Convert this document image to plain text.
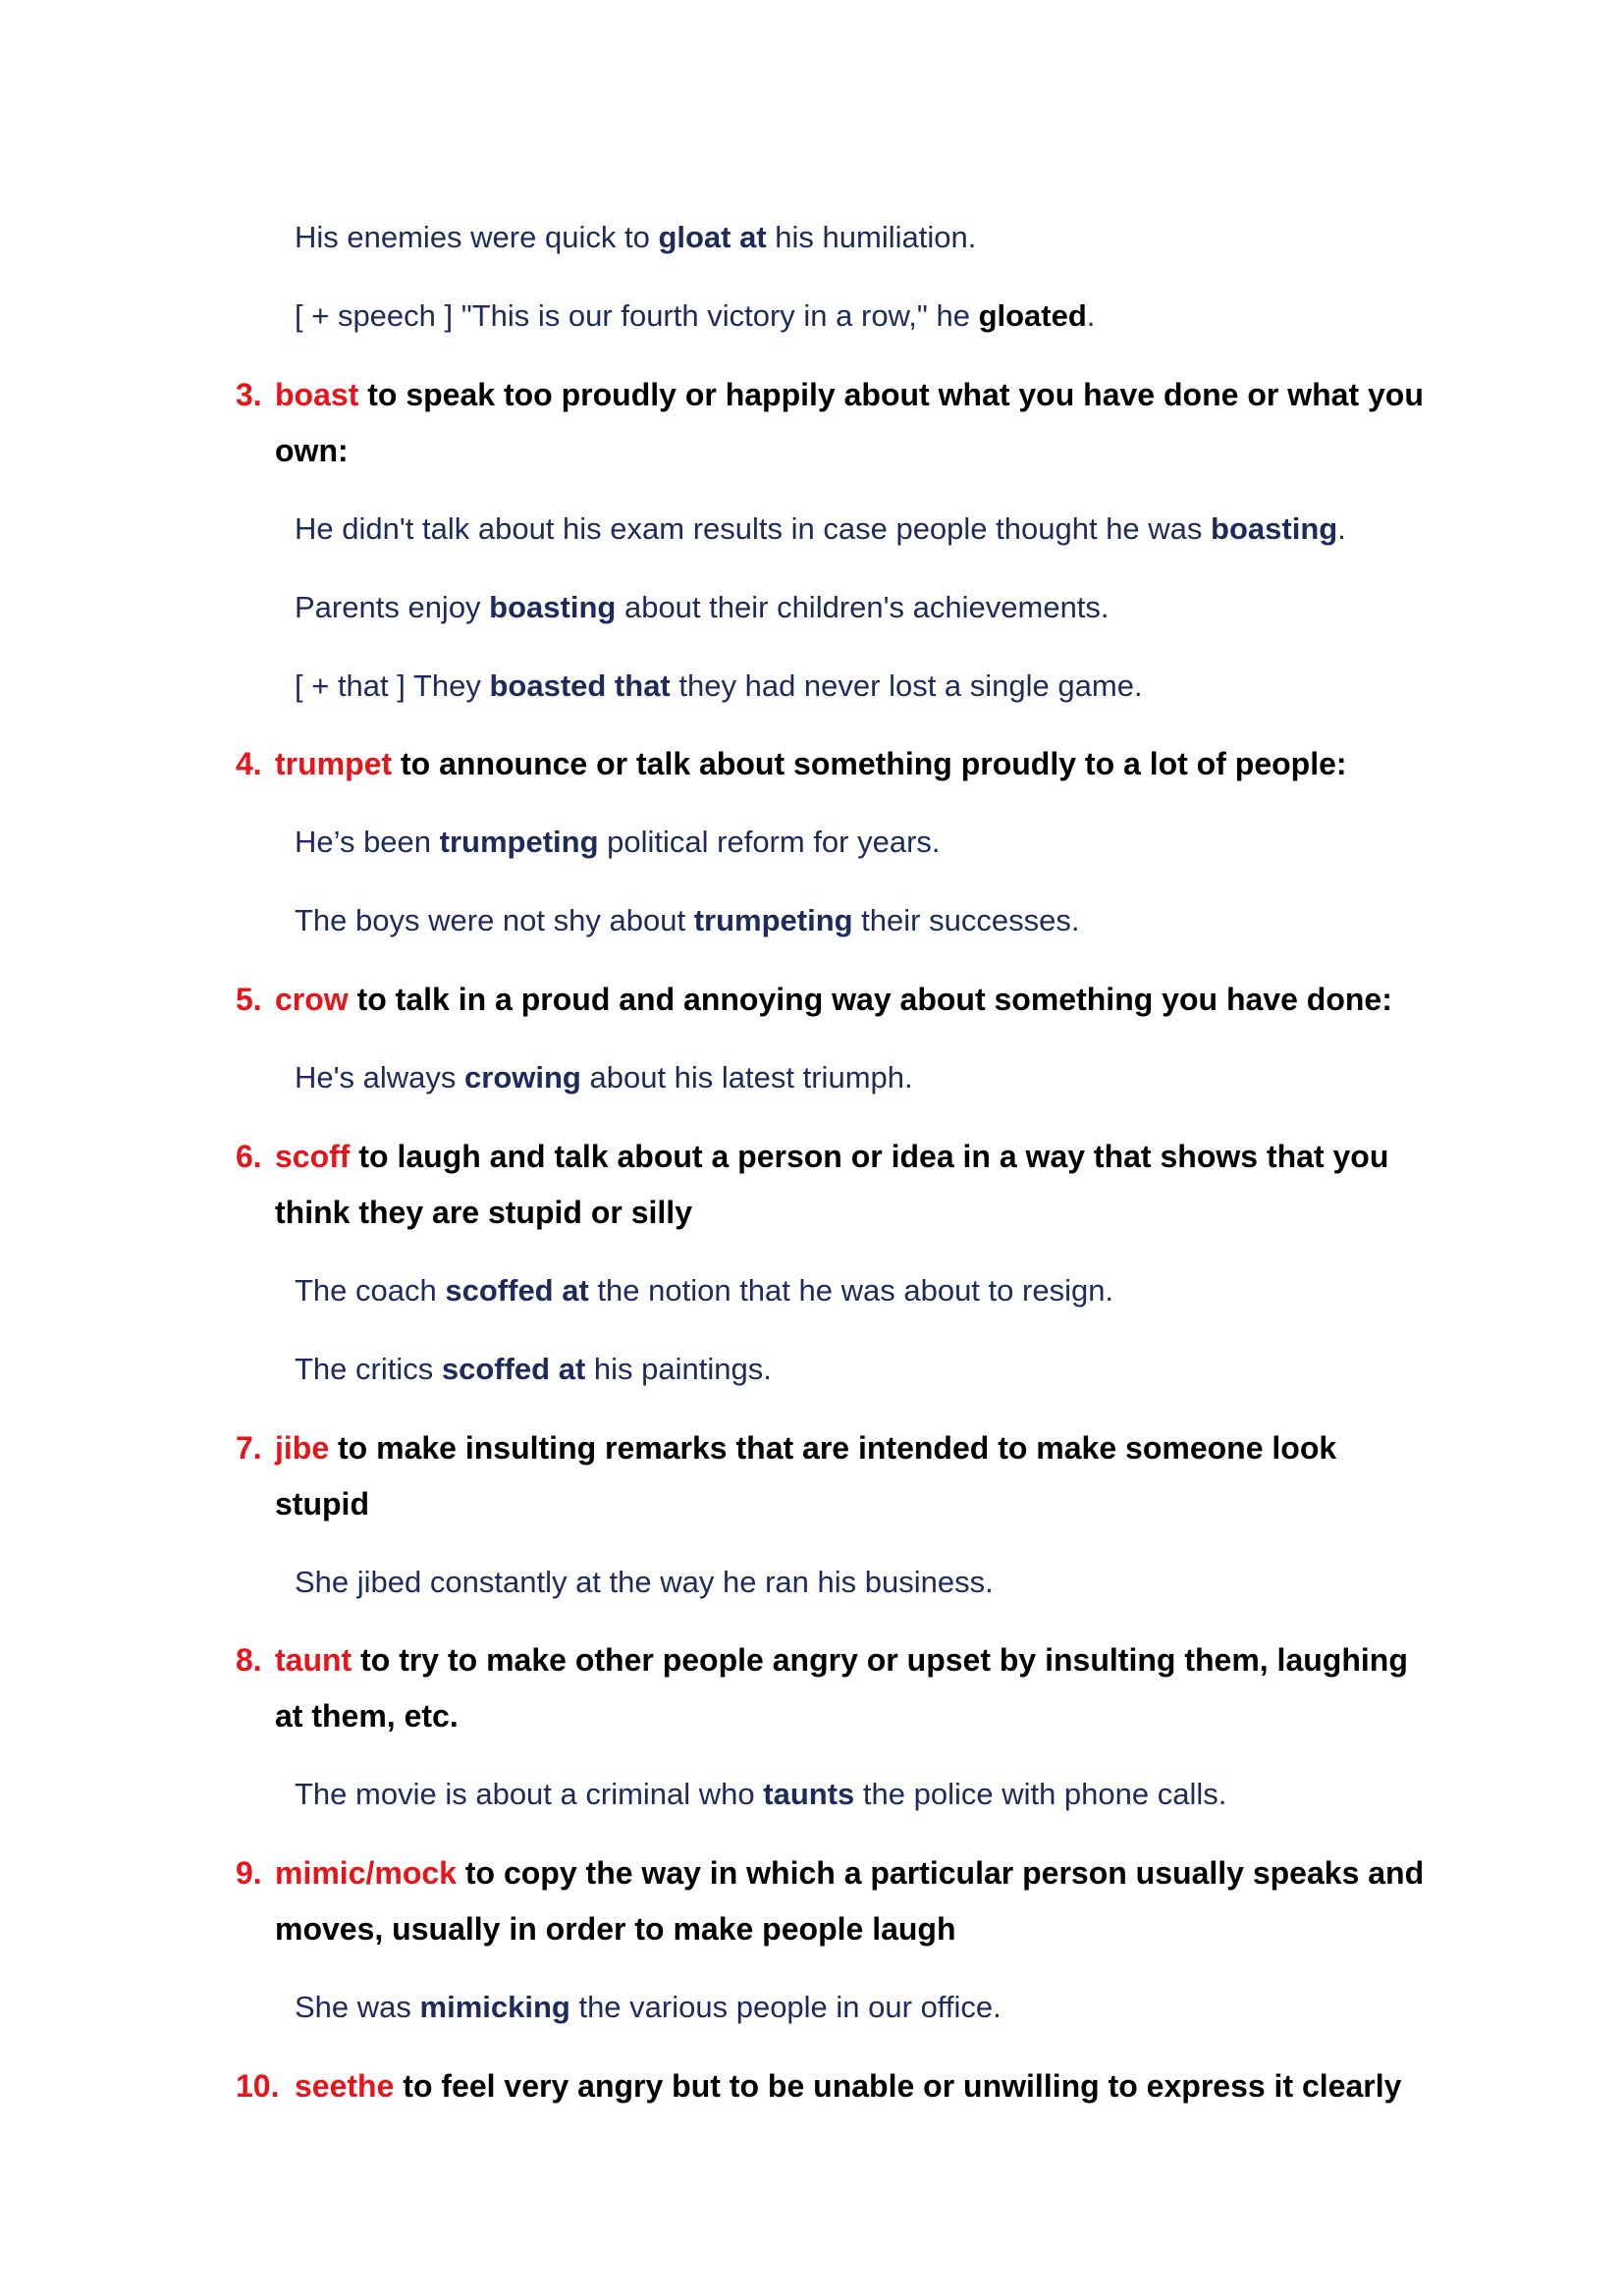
His enemies were quick to gloat at his humiliation.
[ + speech ] "This is our fourth victory in a row," he gloated.
3. boast to speak too proudly or happily about what you have done or what you
own:
He didn't talk about his exam results in case people thought he was boasting.
Parents enjoy boasting about their children's achievements.
[ + that ] They boasted that they had never lost a single game.
4. trumpet to announce or talk about something proudly to a lot of people:
He’s been trumpeting political reform for years.
The boys were not shy about trumpeting their successes.
5. crow to talk in a proud and annoying way about something you have done:
He's always crowing about his latest triumph.
6. scoff to laugh and talk about a person or idea in a way that shows that you
think they are stupid or silly
The coach scoffed at the notion that he was about to resign.
The critics scoffed at his paintings.
7. jibe to make insulting remarks that are intended to make someone look
stupid
She jibed constantly at the way he ran his business.
8. taunt to try to make other people angry or upset by insulting them, laughing
at them, etc.
The movie is about a criminal who taunts the police with phone calls.
9. mimic/mock to copy the way in which a particular person usually speaks and
moves, usually in order to make people laugh
She was mimicking the various people in our office.
10. seethe to feel very angry but to be unable or unwilling to express it clearly
